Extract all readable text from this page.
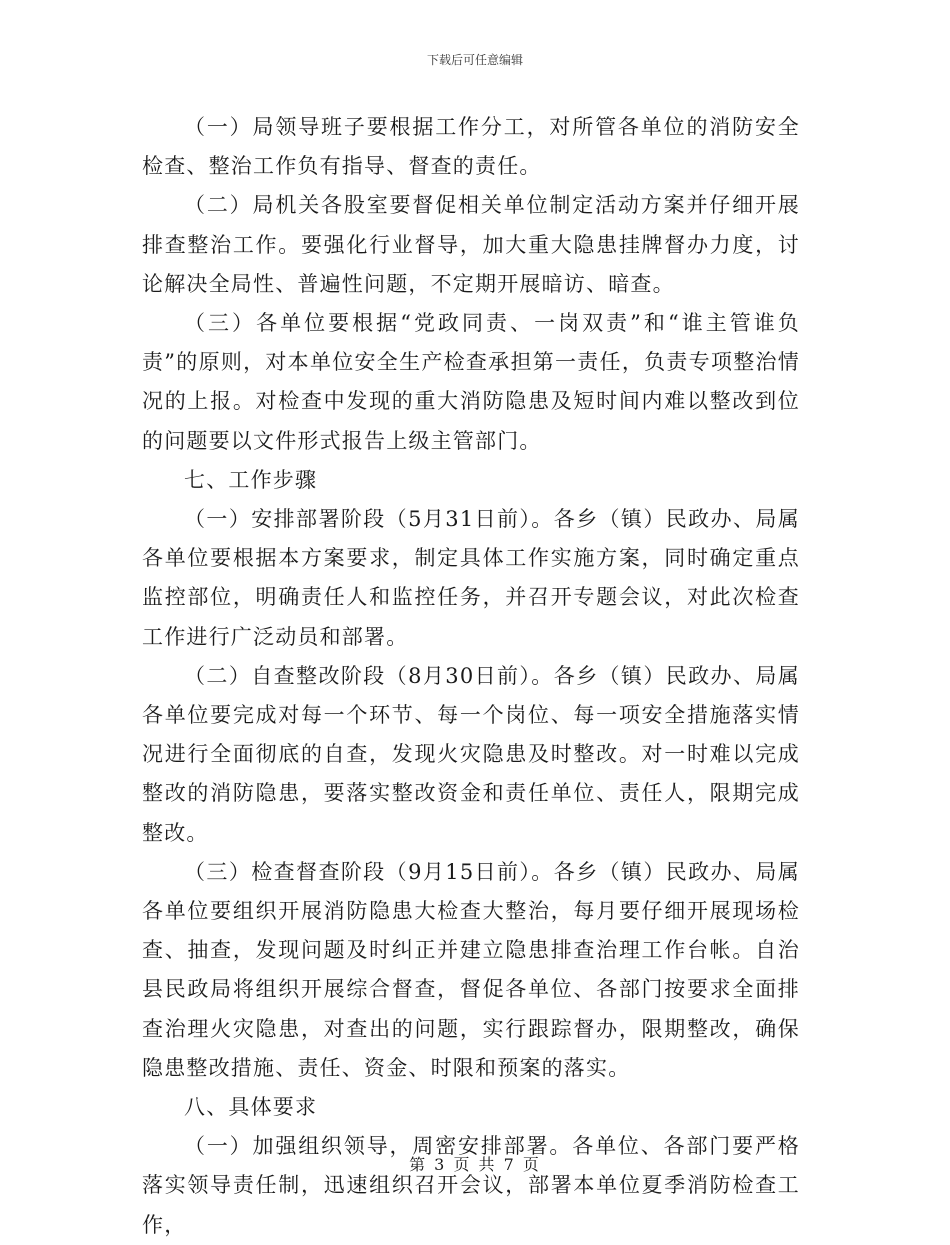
下载后可任意编辑

（一）局领导班子要根据工作分工，对所管各单位的消防安全检查、整治工作负有指导、督查的责任。

（二）局机关各股室要督促相关单位制定活动方案并仔细开展排查整治工作。要强化行业督导，加大重大隐患挂牌督办力度，讨论解决全局性、普遍性问题，不定期开展暗访、暗查。

（三）各单位要根据“党政同责、一岗双责”和“谁主管谁负责”的原则，对本单位安全生产检查承担第一责任，负责专项整治情况的上报。对检查中发现的重大消防隐患及短时间内难以整改到位的问题要以文件形式报告上级主管部门。

七、工作步骤

（一）安排部署阶段（5月31日前）。各乡（镇）民政办、局属各单位要根据本方案要求，制定具体工作实施方案，同时确定重点监控部位，明确责任人和监控任务，并召开专题会议，对此次检查工作进行广泛动员和部署。

（二）自查整改阶段（8月30日前）。各乡（镇）民政办、局属各单位要完成对每一个环节、每一个岗位、每一项安全措施落实情况进行全面彻底的自查，发现火灾隐患及时整改。对一时难以完成整改的消防隐患，要落实整改资金和责任单位、责任人，限期完成整改。

（三）检查督查阶段（9月15日前）。各乡（镇）民政办、局属各单位要组织开展消防隐患大检查大整治，每月要仔细开展现场检查、抽查，发现问题及时纠正并建立隐患排查治理工作台帐。自治县民政局将组织开展综合督查，督促各单位、各部门按要求全面排查治理火灾隐患，对查出的问题，实行跟踪督办，限期整改，确保隐患整改措施、责任、资金、时限和预案的落实。

八、具体要求

（一）加强组织领导，周密安排部署。各单位、各部门要严格落实领导责任制，迅速组织召开会议，部署本单位夏季消防检查工作，

第 3 页 共 7 页
